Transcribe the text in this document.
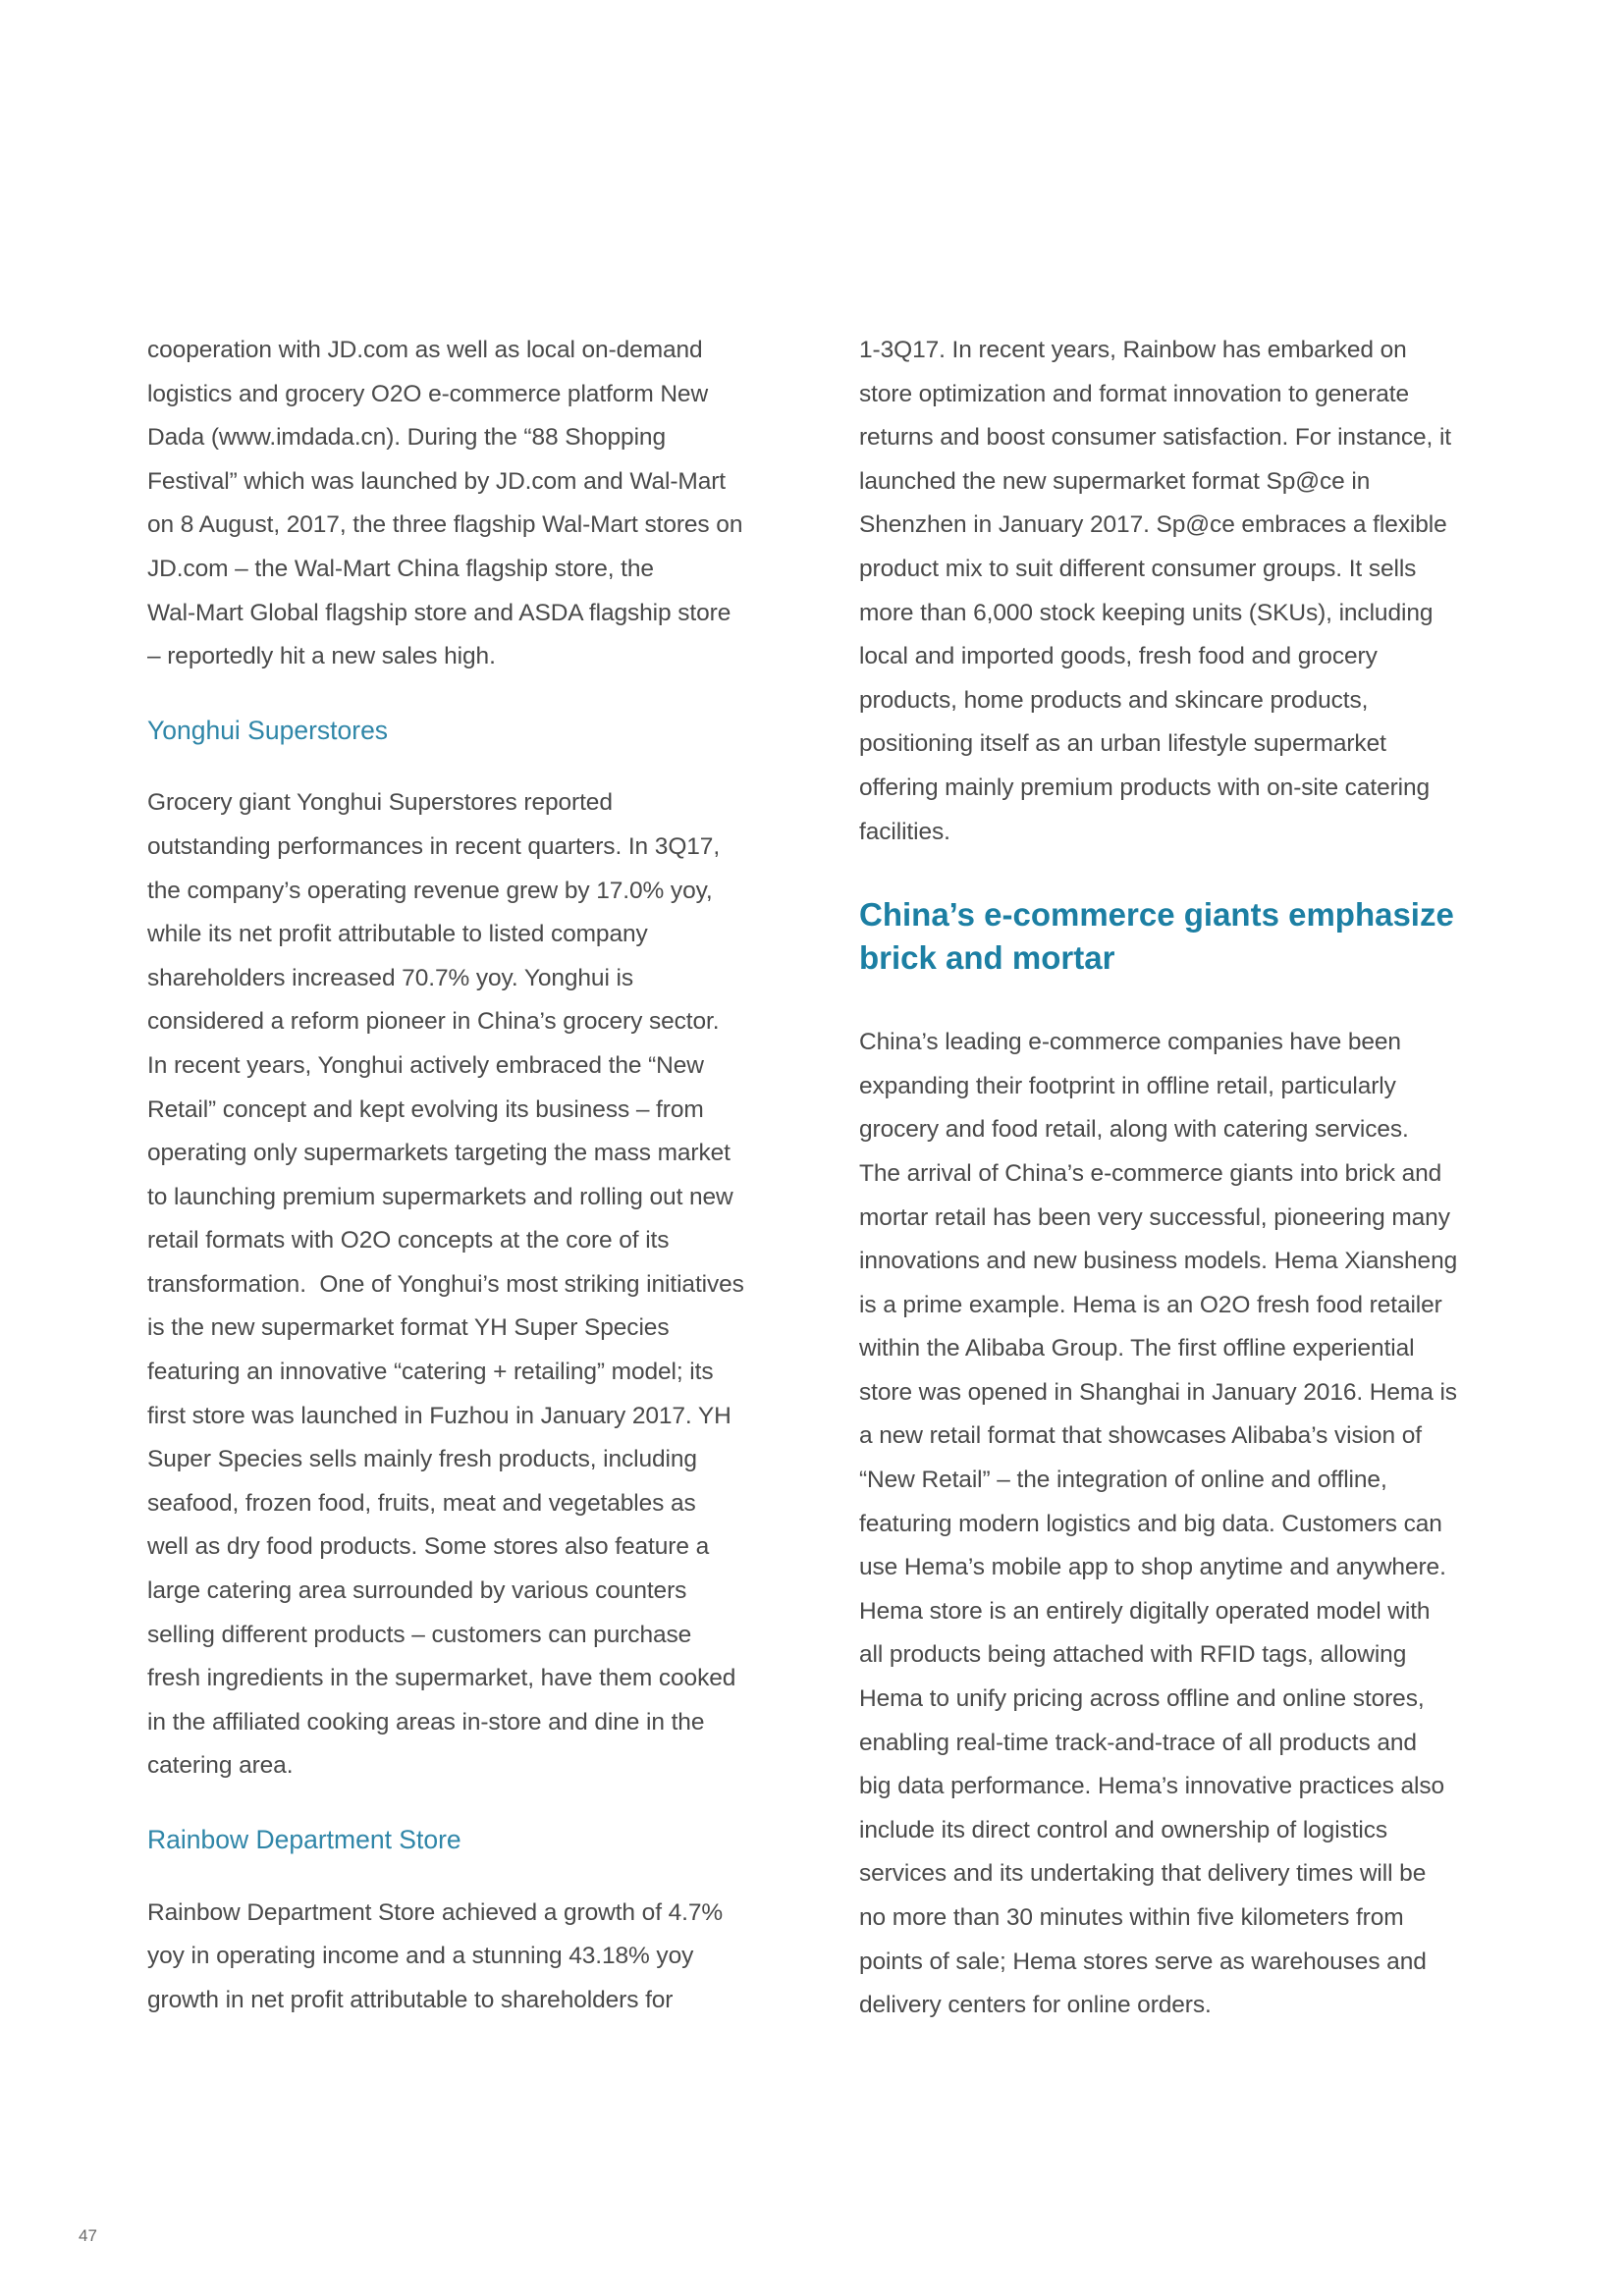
cooperation with JD.com as well as local on-demand
logistics and grocery O2O e-commerce platform New
Dada (www.imdada.cn). During the “88 Shopping
Festival” which was launched by JD.com and Wal-Mart
on 8 August, 2017, the three flagship Wal-Mart stores on
JD.com – the Wal-Mart China flagship store, the
Wal-Mart Global flagship store and ASDA flagship store
– reportedly hit a new sales high.

Yonghui Superstores

Grocery giant Yonghui Superstores reported
outstanding performances in recent quarters. In 3Q17,
the company’s operating revenue grew by 17.0% yoy,
while its net profit attributable to listed company
shareholders increased 70.7% yoy. Yonghui is
considered a reform pioneer in China’s grocery sector.
In recent years, Yonghui actively embraced the “New
Retail” concept and kept evolving its business – from
operating only supermarkets targeting the mass market
to launching premium supermarkets and rolling out new
retail formats with O2O concepts at the core of its
transformation.  One of Yonghui’s most striking initiatives
is the new supermarket format YH Super Species
featuring an innovative “catering + retailing” model; its
first store was launched in Fuzhou in January 2017. YH
Super Species sells mainly fresh products, including
seafood, frozen food, fruits, meat and vegetables as
well as dry food products. Some stores also feature a
large catering area surrounded by various counters
selling different products – customers can purchase
fresh ingredients in the supermarket, have them cooked
in the affiliated cooking areas in-store and dine in the
catering area.

Rainbow Department Store

Rainbow Department Store achieved a growth of 4.7%
yoy in operating income and a stunning 43.18% yoy
growth in net profit attributable to shareholders for

1-3Q17. In recent years, Rainbow has embarked on
store optimization and format innovation to generate
returns and boost consumer satisfaction. For instance, it
launched the new supermarket format Sp@ce in
Shenzhen in January 2017. Sp@ce embraces a flexible
product mix to suit different consumer groups. It sells
more than 6,000 stock keeping units (SKUs), including
local and imported goods, fresh food and grocery
products, home products and skincare products,
positioning itself as an urban lifestyle supermarket
offering mainly premium products with on-site catering
facilities.

China’s e-commerce giants emphasize
brick and mortar

China’s leading e-commerce companies have been
expanding their footprint in offline retail, particularly
grocery and food retail, along with catering services.
The arrival of China’s e-commerce giants into brick and
mortar retail has been very successful, pioneering many
innovations and new business models. Hema Xiansheng
is a prime example. Hema is an O2O fresh food retailer
within the Alibaba Group. The first offline experiential
store was opened in Shanghai in January 2016. Hema is
a new retail format that showcases Alibaba’s vision of
“New Retail” – the integration of online and offline,
featuring modern logistics and big data. Customers can
use Hema’s mobile app to shop anytime and anywhere.
Hema store is an entirely digitally operated model with
all products being attached with RFID tags, allowing
Hema to unify pricing across offline and online stores,
enabling real-time track-and-trace of all products and
big data performance. Hema’s innovative practices also
include its direct control and ownership of logistics
services and its undertaking that delivery times will be
no more than 30 minutes within five kilometers from
points of sale; Hema stores serve as warehouses and
delivery centers for online orders.

47
